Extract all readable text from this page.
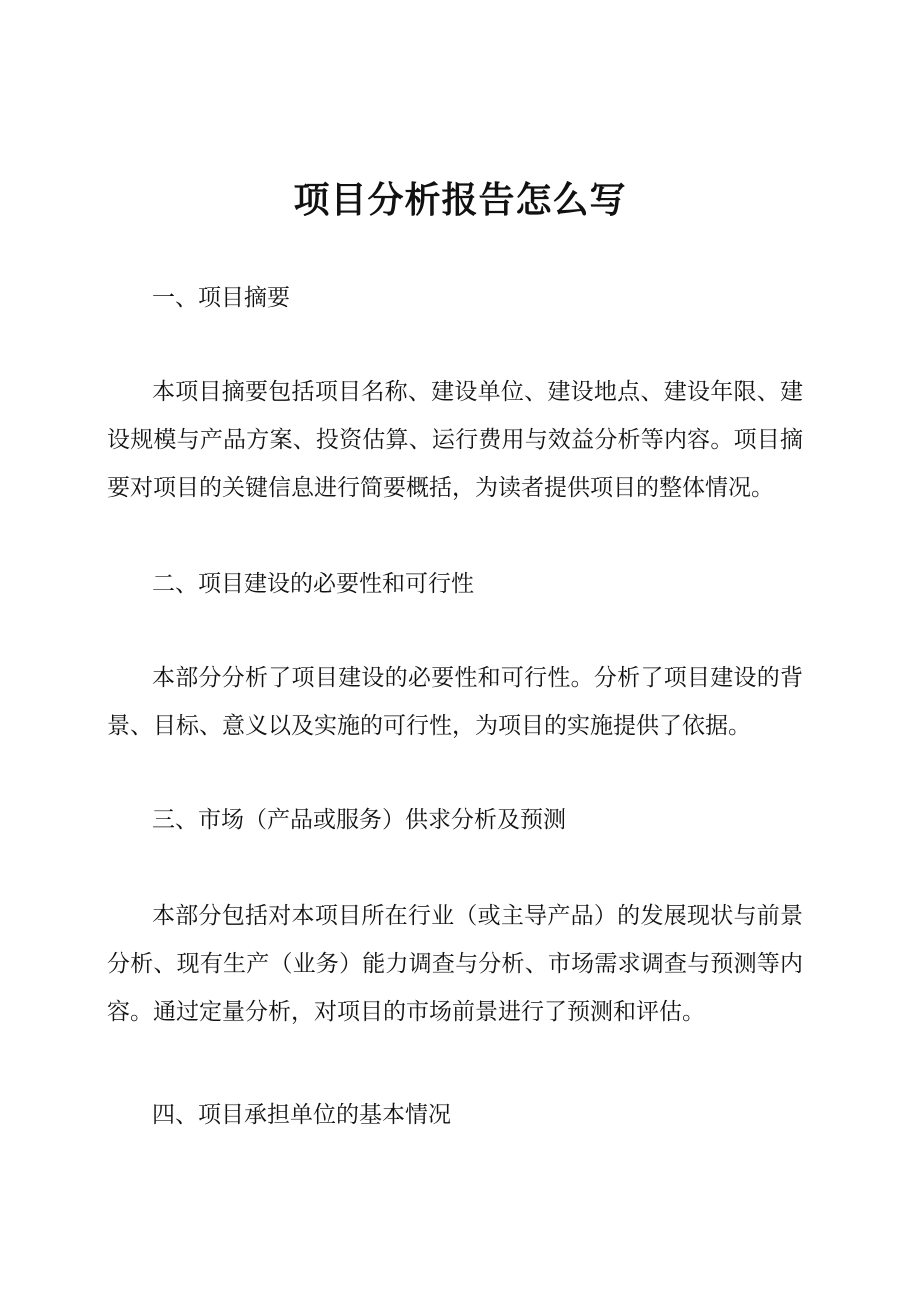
项目分析报告怎么写
一、项目摘要
本项目摘要包括项目名称、建设单位、建设地点、建设年限、建
设规模与产品方案、投资估算、运行费用与效益分析等内容。项目摘
要对项目的关键信息进行简要概括，为读者提供项目的整体情况。
二、项目建设的必要性和可行性
本部分分析了项目建设的必要性和可行性。分析了项目建设的背
景、目标、意义以及实施的可行性，为项目的实施提供了依据。
三、市场（产品或服务）供求分析及预测
本部分包括对本项目所在行业（或主导产品）的发展现状与前景
分析、现有生产（业务）能力调查与分析、市场需求调查与预测等内
容。通过定量分析，对项目的市场前景进行了预测和评估。
四、项目承担单位的基本情况
